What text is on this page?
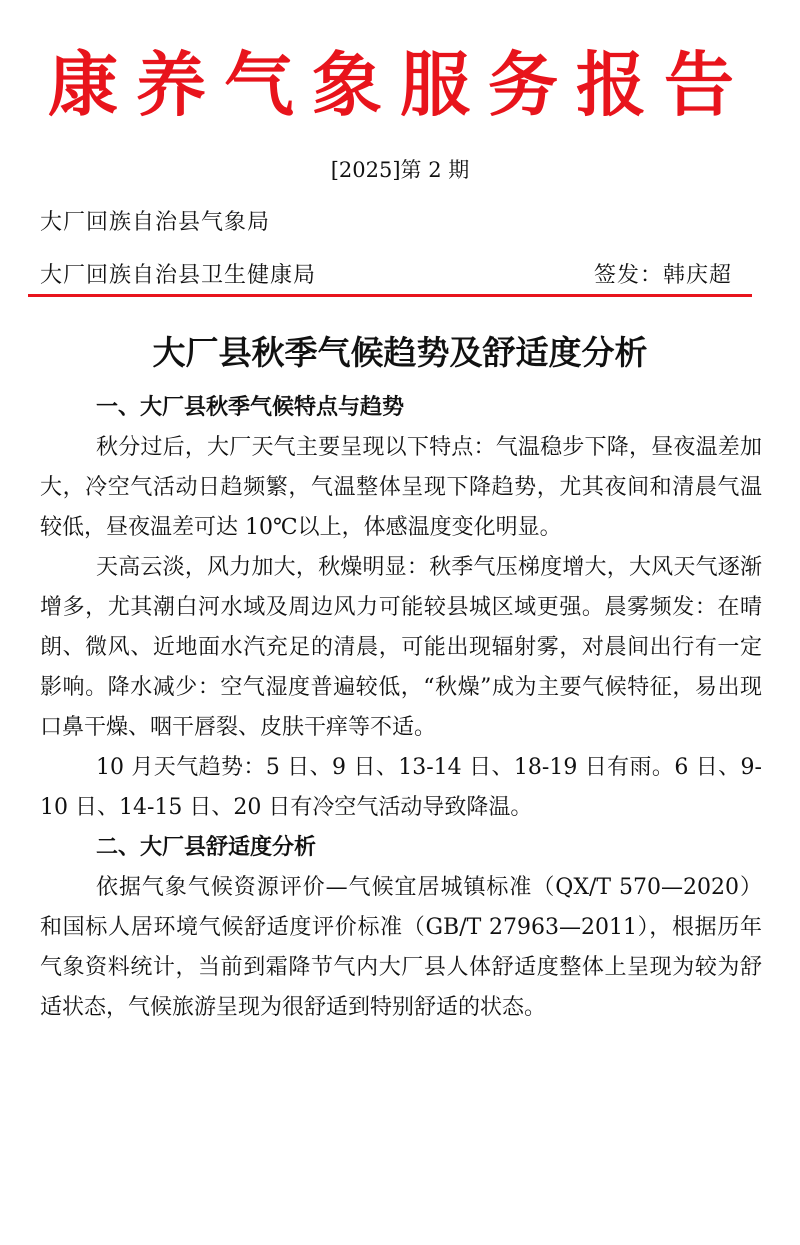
康养气象服务报告
[2025]第 2 期
大厂回族自治县气象局
大厂回族自治县卫生健康局	签发：韩庆超
大厂县秋季气候趋势及舒适度分析
一、大厂县秋季气候特点与趋势

秋分过后，大厂天气主要呈现以下特点：气温稳步下降，昼夜温差加大，冷空气活动日趋频繁，气温整体呈现下降趋势，尤其夜间和清晨气温较低，昼夜温差可达 10℃以上，体感温度变化明显。

天高云淡，风力加大，秋燥明显：秋季气压梯度增大，大风天气逐渐增多，尤其潮白河水域及周边风力可能较县城区域更强。晨雾频发：在晴朗、微风、近地面水汽充足的清晨，可能出现辐射雾，对晨间出行有一定影响。降水减少：空气湿度普遍较低，“秋燥”成为主要气候特征，易出现口鼻干燥、咽干唇裂、皮肤干痒等不适。

10 月天气趋势：5 日、9 日、13-14 日、18-19 日有雨。6 日、9-10 日、14-15 日、20 日有冷空气活动导致降温。

二、大厂县舒适度分析

依据气象气候资源评价—气候宜居城镇标准（QX/T 570—2020）和国标人居环境气候舒适度评价标准（GB/T 27963—2011），根据历年气象资料统计，当前到霜降节气内大厂县人体舒适度整体上呈现为较为舒适状态，气候旅游呈现为很舒适到特别舒适的状态。
